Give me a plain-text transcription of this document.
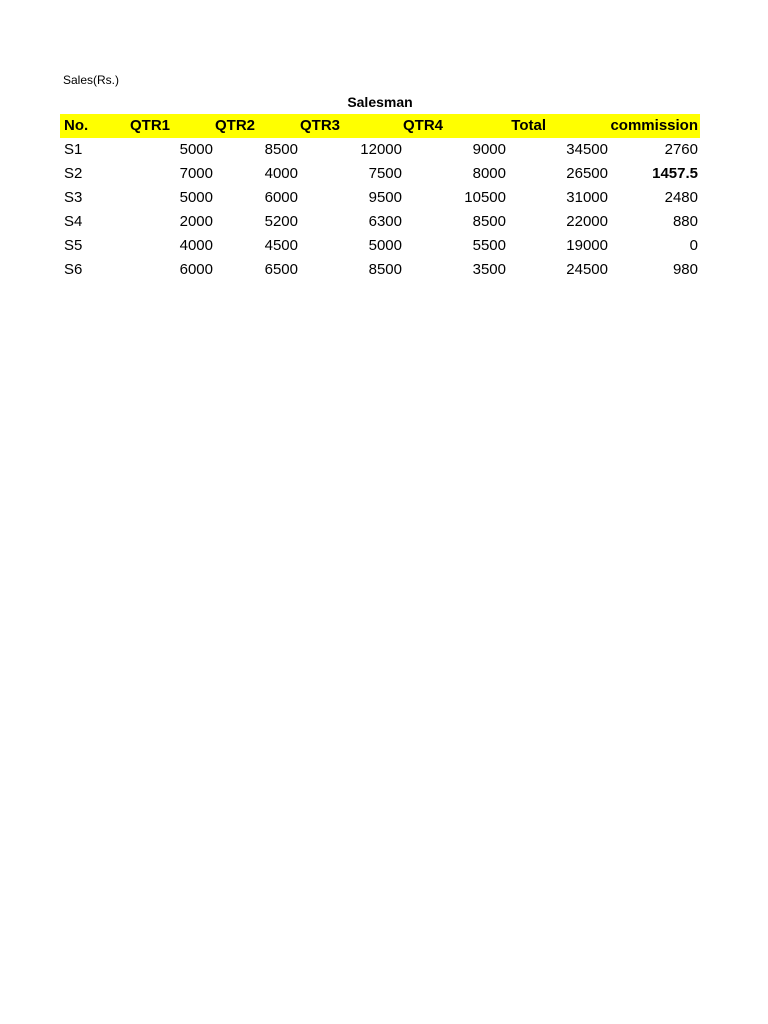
Sales(Rs.)
Salesman
No.	QTR1	QTR2	QTR3	QTR4	Total	commission
S1	5000	8500	12000	9000	34500	2760
S2	7000	4000	7500	8000	26500	1457.5
S3	5000	6000	9500	10500	31000	2480
S4	2000	5200	6300	8500	22000	880
S5	4000	4500	5000	5500	19000	0
S6	6000	6500	8500	3500	24500	980
